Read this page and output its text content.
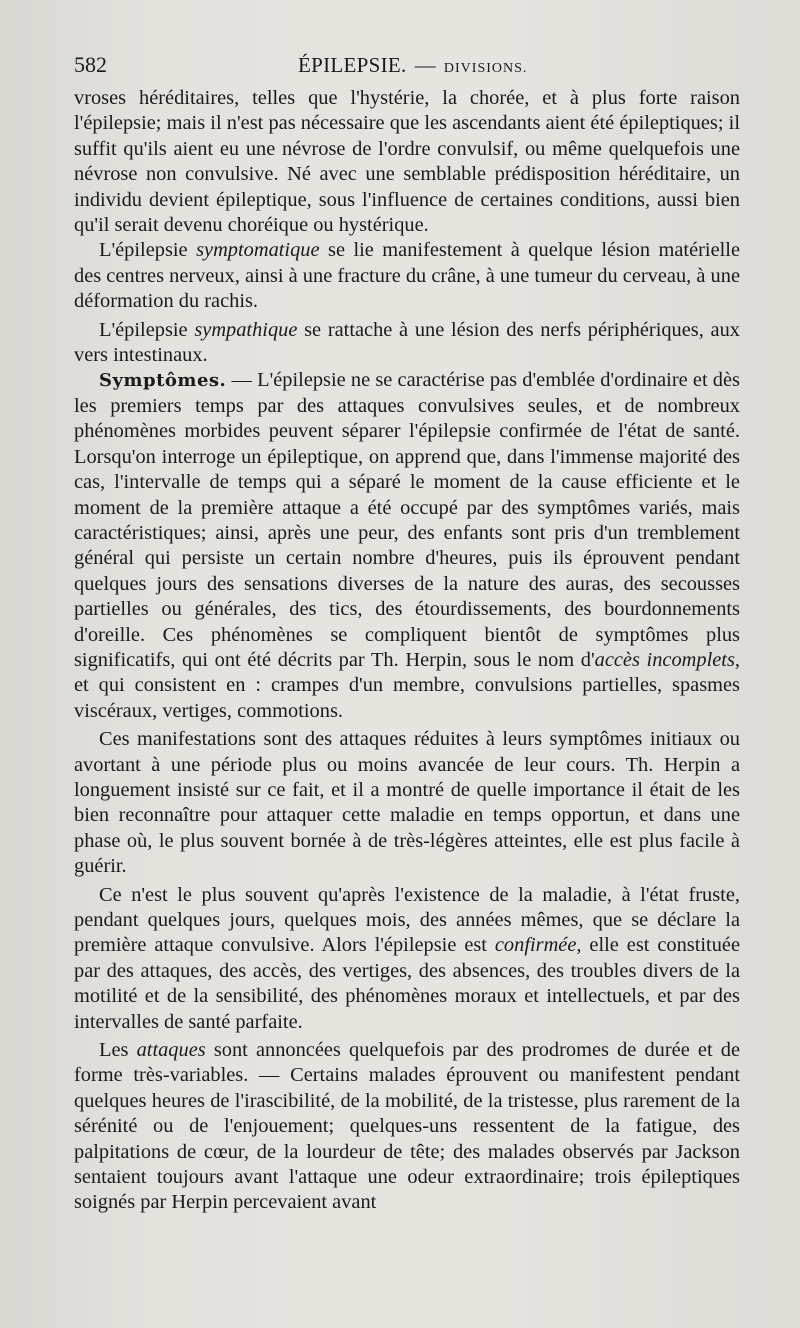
582	ÉPILEPSIE. — DIVISIONS.

vroses héréditaires, telles que l'hystérie, la chorée, et à plus forte raison l'épilepsie; mais il n'est pas nécessaire que les ascendants aient été épileptiques; il suffit qu'ils aient eu une névrose de l'ordre convulsif, ou même quelquefois une névrose non convulsive. Né avec une semblable prédisposition héréditaire, un individu devient épileptique, sous l'influence de certaines conditions, aussi bien qu'il serait devenu choréique ou hystérique.

L'épilepsie symptomatique se lie manifestement à quelque lésion matérielle des centres nerveux, ainsi à une fracture du crâne, à une tumeur du cerveau, à une déformation du rachis.

L'épilepsie sympathique se rattache à une lésion des nerfs périphériques, aux vers intestinaux.

Symptômes. — L'épilepsie ne se caractérise pas d'emblée d'ordinaire et dès les premiers temps par des attaques convulsives seules, et de nombreux phénomènes morbides peuvent séparer l'épilepsie confirmée de l'état de santé. Lorsqu'on interroge un épileptique, on apprend que, dans l'immense majorité des cas, l'intervalle de temps qui a séparé le moment de la cause efficiente et le moment de la première attaque a été occupé par des symptômes variés, mais caractéristiques; ainsi, après une peur, des enfants sont pris d'un tremblement général qui persiste un certain nombre d'heures, puis ils éprouvent pendant quelques jours des sensations diverses de la nature des auras, des secousses partielles ou générales, des tics, des étourdissements, des bourdonnements d'oreille. Ces phénomènes se compliquent bientôt de symptômes plus significatifs, qui ont été décrits par Th. Herpin, sous le nom d'accès incomplets, et qui consistent en : crampes d'un membre, convulsions partielles, spasmes viscéraux, vertiges, commotions.

Ces manifestations sont des attaques réduites à leurs symptômes initiaux ou avortant à une période plus ou moins avancée de leur cours. Th. Herpin a longuement insisté sur ce fait, et il a montré de quelle importance il était de les bien reconnaître pour attaquer cette maladie en temps opportun, et dans une phase où, le plus souvent bornée à de très-légères atteintes, elle est plus facile à guérir.

Ce n'est le plus souvent qu'après l'existence de la maladie, à l'état fruste, pendant quelques jours, quelques mois, des années mêmes, que se déclare la première attaque convulsive. Alors l'épilepsie est confirmée, elle est constituée par des attaques, des accès, des vertiges, des absences, des troubles divers de la motilité et de la sensibilité, des phénomènes moraux et intellectuels, et par des intervalles de santé parfaite.

Les attaques sont annoncées quelquefois par des prodromes de durée et de forme très-variables. — Certains malades éprouvent ou manifestent pendant quelques heures de l'irascibilité, de la mobilité, de la tristesse, plus rarement de la sérénité ou de l'enjouement; quelques-uns ressentent de la fatigue, des palpitations de cœur, de la lourdeur de tête; des malades observés par Jackson sentaient toujours avant l'attaque une odeur extraordinaire; trois épileptiques soignés par Herpin percevaient avant
